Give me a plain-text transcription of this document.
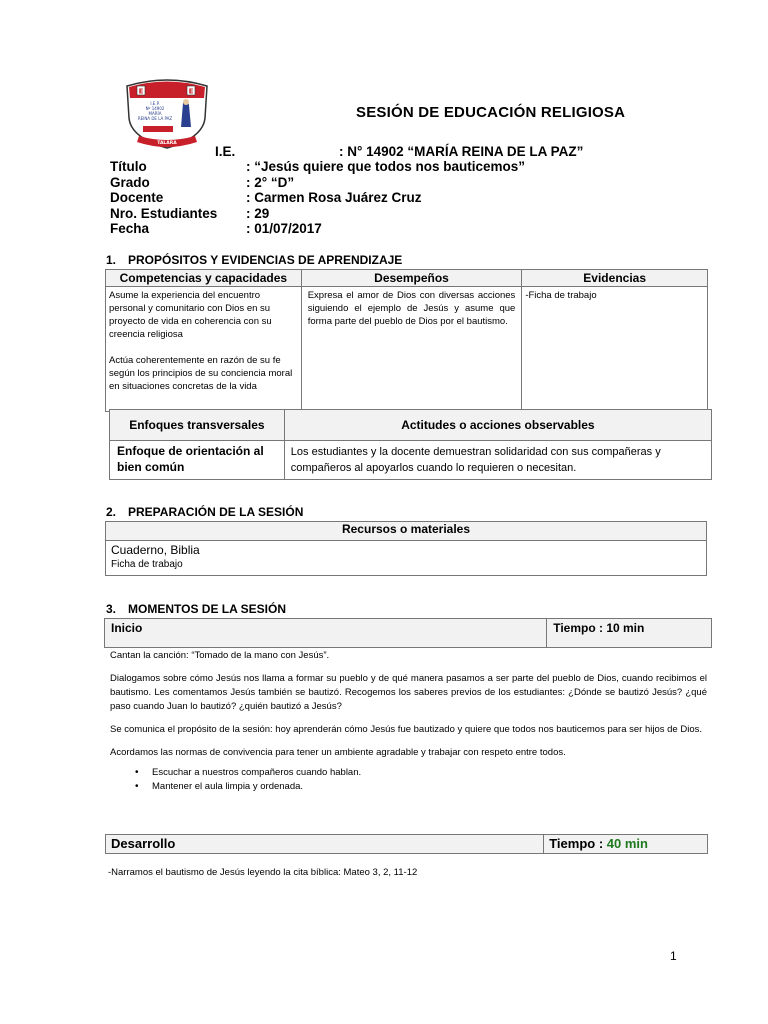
E	E
TALARA
I.E.P.
Nº 14902
MARÍA
REINA DE LA PAZ	SESIÓN DE EDUCACIÓN RELIGIOSA
I.E.	: N° 14902 “MARÍA REINA DE LA PAZ”
Título	: “Jesús quiere que todos nos bauticemos”
Grado	: 2° “D”
Docente	: Carmen Rosa Juárez Cruz
Nro. Estudiantes : 29
Fecha	: 01/07/2017
1. PROPÓSITOS Y EVIDENCIAS DE APRENDIZAJE
Competencias y capacidades	Desempeños	Evidencias

Asume la experiencia del encuentro personal y comunitario con Dios en su proyecto de vida en coherencia con su creencia religiosa

Actúa coherentemente en razón de su fe según los principios de su conciencia moral en situaciones concretas de la vida	Expresa el amor de Dios con diversas acciones siguiendo el ejemplo de Jesús y asume que forma parte del pueblo de Dios por el bautismo.	-Ficha de trabajo
Enfoques transversales	Actitudes o acciones observables
Enfoque de orientación al bien común	Los estudiantes y la docente demuestran solidaridad con sus compañeras y compañeros al apoyarlos cuando lo requieren o necesitan.
2. PREPARACIÓN DE LA SESIÓN
Recursos o materiales

Cuaderno, Biblia
Ficha de trabajo
3. MOMENTOS DE LA SESIÓN
Inicio	Tiempo : 10 min

Cantan la canción: “Tomado de la mano con Jesús”.

Dialogamos sobre cómo Jesús nos llama a formar su pueblo y de qué manera pasamos a ser parte del pueblo de Dios, cuando recibimos el bautismo. Les comentamos Jesús también se bautizó. Recogemos los saberes previos de los estudiantes: ¿Dónde se bautizó Jesús? ¿qué paso cuando Juan lo bautizó? ¿quién bautizó a Jesús?

Se comunica el propósito de la sesión: hoy aprenderán cómo Jesús fue bautizado y quiere que todos nos bauticemos para ser hijos de Dios.

Acordamos las normas de convivencia para tener un ambiente agradable y trabajar con respeto entre todos.

• Escuchar a nuestros compañeros cuando hablan.
• Mantener el aula limpia y ordenada.
Desarrollo	Tiempo : 40 min
-Narramos el bautismo de Jesús leyendo la cita bíblica: Mateo 3, 2, 11-12
1
